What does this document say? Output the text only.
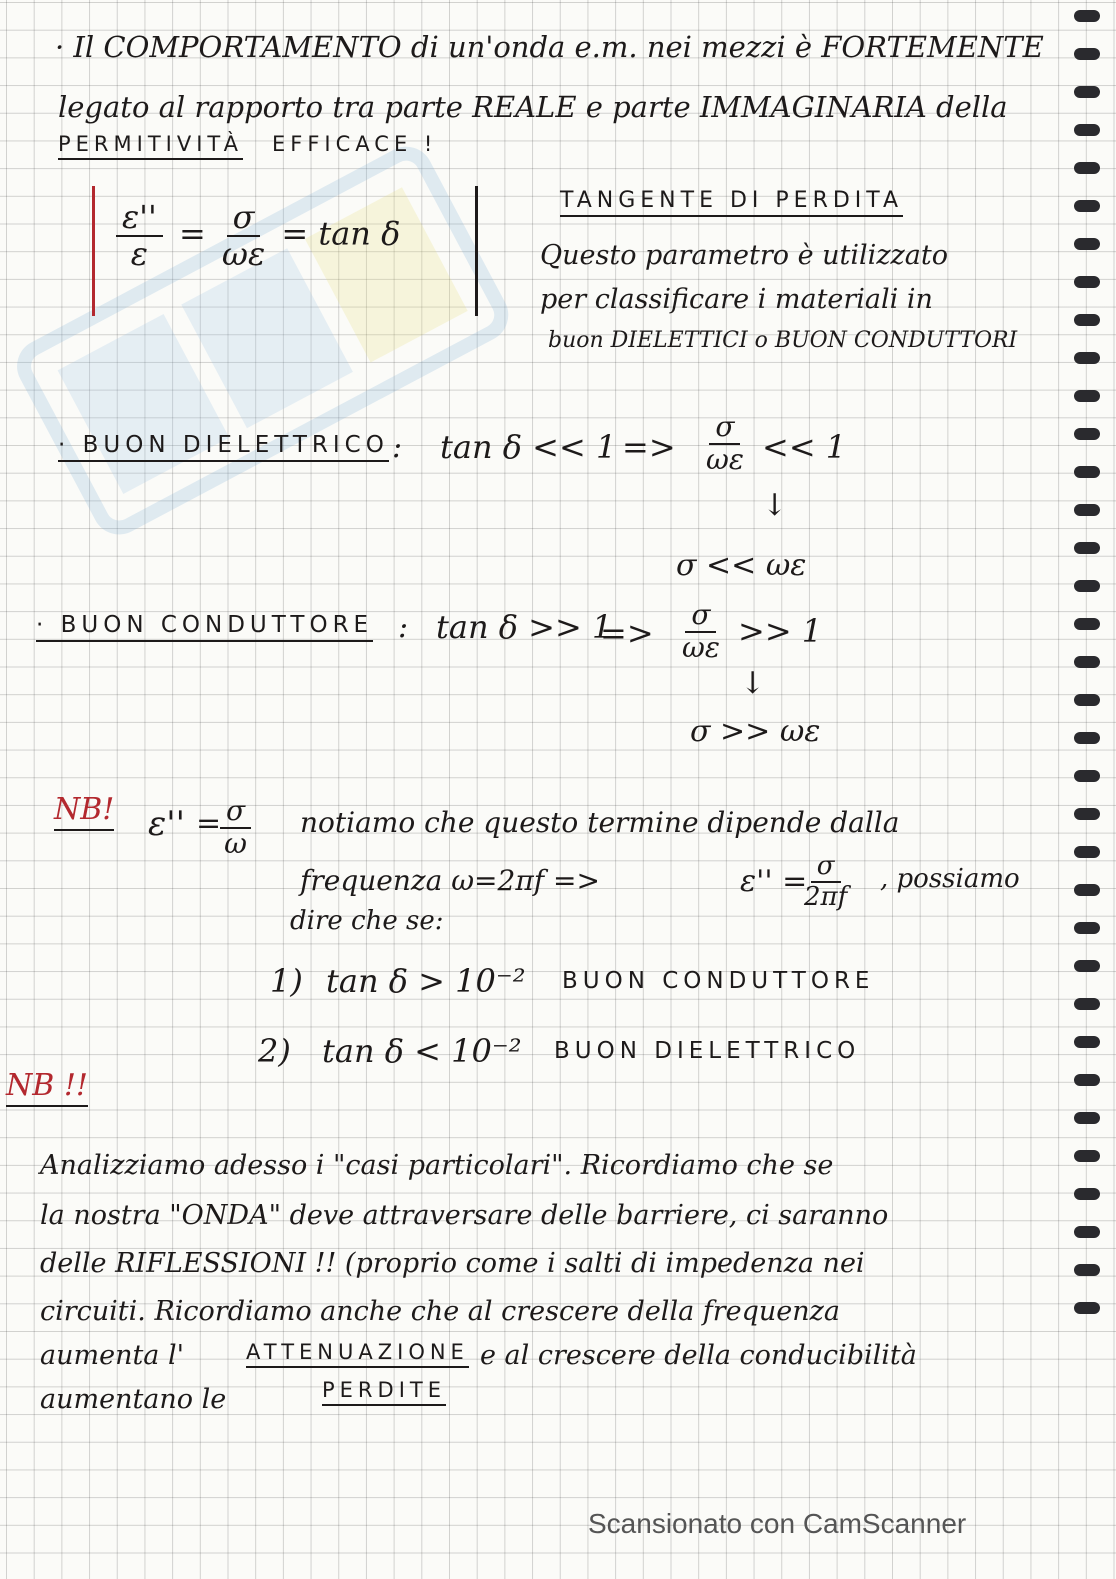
· Il COMPORTAMENTO di un'onda e.m. nei mezzi è FORTEMENTE
legato al rapporto tra parte REALE e parte IMMAGINARIA della
PERMITIVITÀ EFFICACE !
$\frac{\varepsilon''}{\varepsilon} = \frac{\sigma}{\omega\varepsilon} = \tan \delta$
TANGENTE DI PERDITA
Questo parametro è utilizzato
per classificare i materiali in
buon DIELETTICI o BUON CONDUTTORI
· BUON DIELETTRICO : $\tan \delta << 1 => \frac{\sigma}{\omega\varepsilon} << 1$
↓
σ << ωε
· BUON CONDUTTORE : tan δ >> 1
=> $\frac{\sigma}{\omega\varepsilon} >> 1$
↓
σ >> ωε
NB! ε'' =
$\frac{\sigma}{\omega}$ notiamo che questo termine dipende dalla
frequenza ω=2πf =>	ε'' =
$\frac{\sigma}{2\pi f}$ , possiamo
dire che se:
1) tan δ > 10⁻² BUON CONDUTTORE
2) tan δ < 10⁻² BUON DIELETTRICO
NB !!
Analizziamo adesso i "casi particolari". Ricordiamo che se
la nostra "ONDA" deve attraversare delle barriere, ci saranno
delle RIFLESSIONI !! (proprio come i salti di impedenza nei
circuiti. Ricordiamo anche che al crescere della frequenza
aumenta l'	ATTENUAZIONE e al crescere della conducibilità
aumentano le	PERDITE
Scansionato con CamScanner
